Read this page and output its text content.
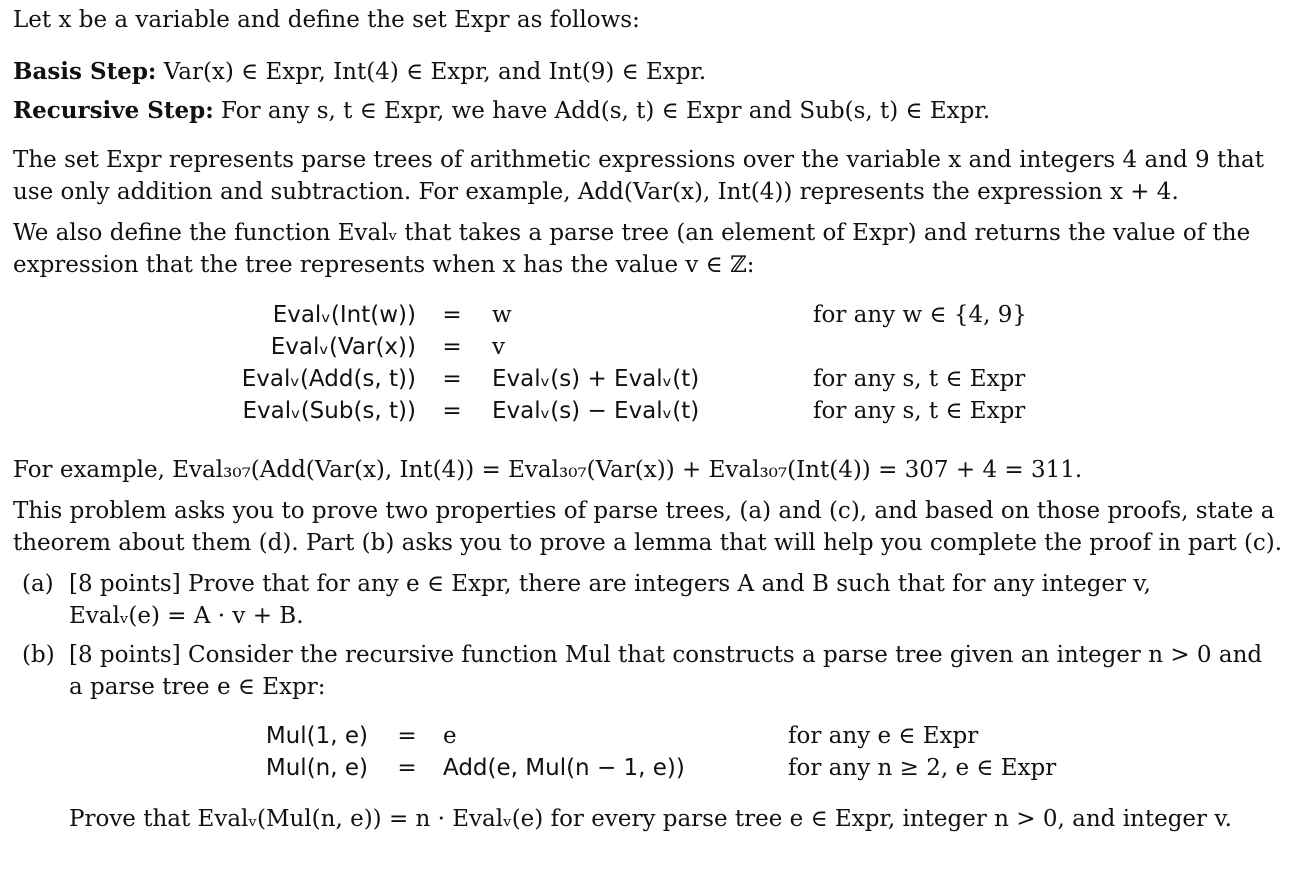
Let x be a variable and define the set Expr as follows:
Basis Step: Var(x) ∈ Expr, Int(4) ∈ Expr, and Int(9) ∈ Expr.
Recursive Step: For any s, t ∈ Expr, we have Add(s, t) ∈ Expr and Sub(s, t) ∈ Expr.
The set Expr represents parse trees of arithmetic expressions over the variable x and integers 4 and 9 that
use only addition and subtraction. For example, Add(Var(x), Int(4)) represents the expression x + 4.
We also define the function Evalᵥ that takes a parse tree (an element of Expr) and returns the value of the
expression that the tree represents when x has the value v ∈ ℤ:
Evalᵥ(Int(w)) = w	for any w ∈ {4, 9}
Evalᵥ(Var(x)) = v
Evalᵥ(Add(s, t)) = Evalᵥ(s) + Evalᵥ(t)	for any s, t ∈ Expr
Evalᵥ(Sub(s, t)) = Evalᵥ(s) − Evalᵥ(t)	for any s, t ∈ Expr
For example, Eval₃₀₇(Add(Var(x), Int(4)) = Eval₃₀₇(Var(x)) + Eval₃₀₇(Int(4)) = 307 + 4 = 311.
This problem asks you to prove two properties of parse trees, (a) and (c), and based on those proofs, state a
theorem about them (d). Part (b) asks you to prove a lemma that will help you complete the proof in part (c).
(a) [8 points] Prove that for any e ∈ Expr, there are integers A and B such that for any integer v,
Evalᵥ(e) = A · v + B.
(b) [8 points] Consider the recursive function Mul that constructs a parse tree given an integer n > 0 and
a parse tree e ∈ Expr:
Mul(1, e) = e	for any e ∈ Expr
Mul(n, e) = Add(e, Mul(n − 1, e))	for any n ≥ 2, e ∈ Expr
Prove that Evalᵥ(Mul(n, e)) = n · Evalᵥ(e) for every parse tree e ∈ Expr, integer n > 0, and integer v.
